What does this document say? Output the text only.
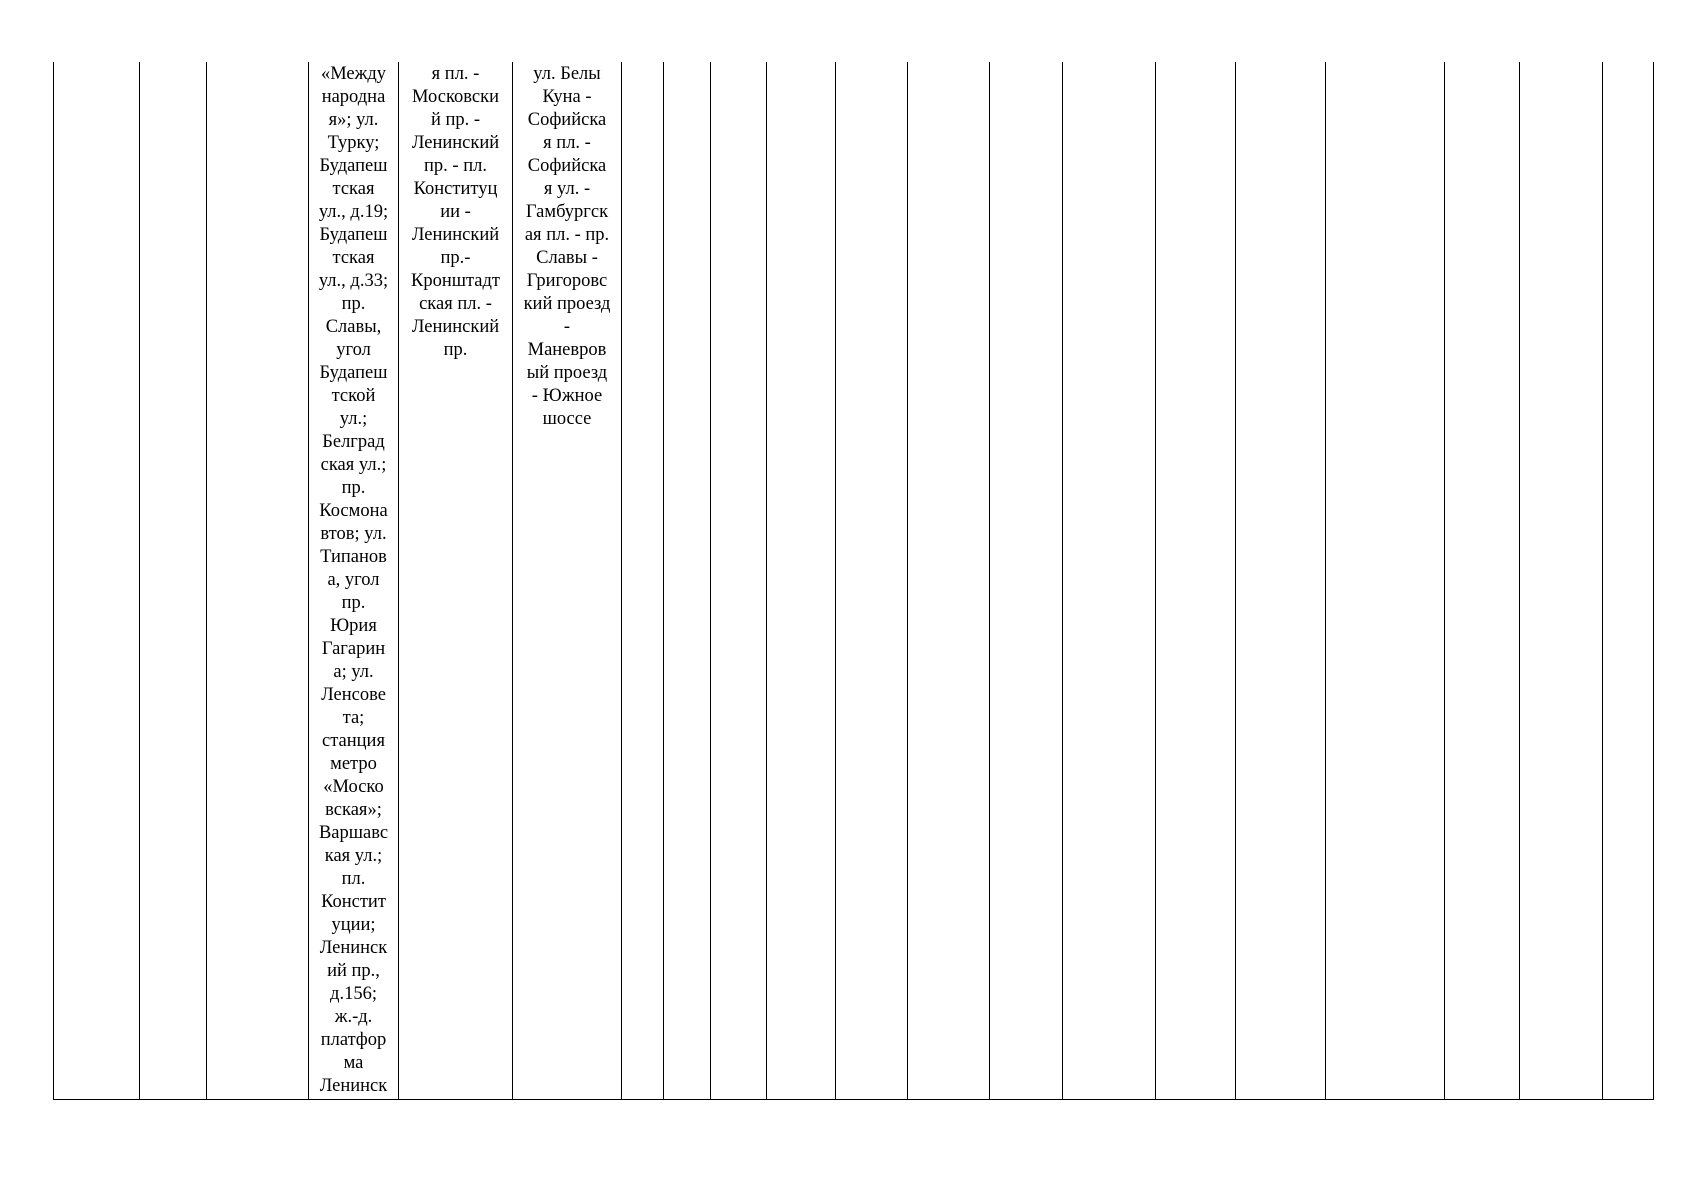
«Между
народна
я»; ул.
Турку;
Будапеш
тская
ул., д.19;
Будапеш
тская
ул., д.33;
пр.
Славы,
угол
Будапеш
тской
ул.;
Белград
ская ул.;
пр.
Космона
втов; ул.
Типанов
а, угол
пр.
Юрия
Гагарин
а; ул.
Ленсове
та;
станция
метро
«Моско
вская»;
Варшавс
кая ул.;
пл.
Констит
уции;
Ленинск
ий пр.,
д.156;
ж.-д.
платфор
ма
Ленинск
я пл. -
Московски
й пр. -
Ленинский
пр. - пл.
Конституц
ии -
Ленинский
пр.-
Кронштадт
ская пл. -
Ленинский
пр.
ул. Белы
Куна -
Софийска
я пл. -
Софийска
я ул. -
Гамбургск
ая пл. - пр.
Славы -
Григоровс
кий проезд
-
Маневров
ый проезд
- Южное
шоссе
